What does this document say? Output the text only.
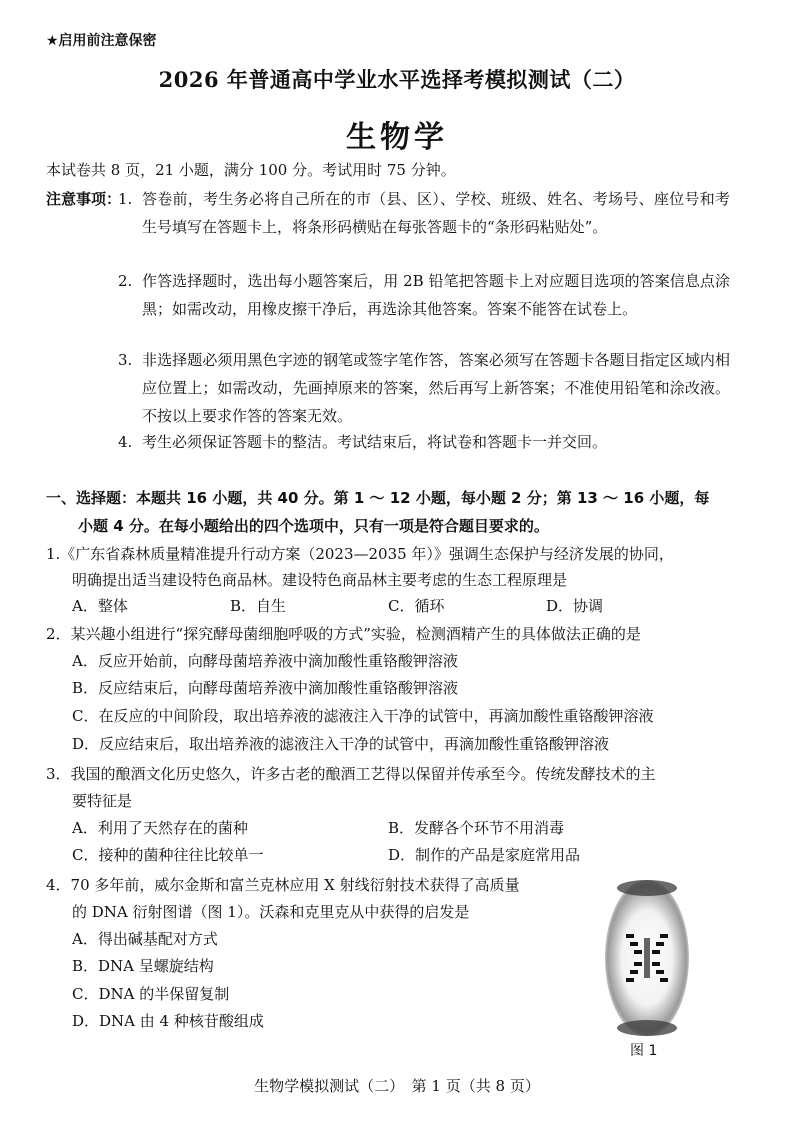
★启用前注意保密
2026 年普通高中学业水平选择考模拟测试（二）
生物学
本试卷共 8 页，21 小题，满分 100 分。考试用时 75 分钟。
注意事项：
1. 答卷前，考生务必将自己所在的市（县、区）、学校、班级、姓名、考场号、座位号和考生号填写在答题卡上，将条形码横贴在每张答题卡的“条形码粘贴处”。
2. 作答选择题时，选出每小题答案后，用 2B 铅笔把答题卡上对应题目选项的答案信息点涂黑；如需改动，用橡皮擦干净后，再选涂其他答案。答案不能答在试卷上。
3. 非选择题必须用黑色字迹的钢笔或签字笔作答，答案必须写在答题卡各题目指定区域内相应位置上；如需改动，先画掉原来的答案，然后再写上新答案；不准使用铅笔和涂改液。不按以上要求作答的答案无效。
4. 考生必须保证答题卡的整洁。考试结束后，将试卷和答题卡一并交回。
一、选择题：本题共 16 小题，共 40 分。第 1 ～ 12 小题，每小题 2 分；第 13 ～ 16 小题，每
小题 4 分。在每小题给出的四个选项中，只有一项是符合题目要求的。
1.《广东省森林质量精准提升行动方案（2023—2035 年）》强调生态保护与经济发展的协同，
明确提出适当建设特色商品林。建设特色商品林主要考虑的生态工程原理是
A．整体	B．自生	C．循环	D．协调
2．某兴趣小组进行“探究酵母菌细胞呼吸的方式”实验，检测酒精产生的具体做法正确的是
A．反应开始前，向酵母菌培养液中滴加酸性重铬酸钾溶液
B．反应结束后，向酵母菌培养液中滴加酸性重铬酸钾溶液
C．在反应的中间阶段，取出培养液的滤液注入干净的试管中，再滴加酸性重铬酸钾溶液
D．反应结束后，取出培养液的滤液注入干净的试管中，再滴加酸性重铬酸钾溶液
3．我国的酿酒文化历史悠久，许多古老的酿酒工艺得以保留并传承至今。传统发酵技术的主
要特征是
A．利用了天然存在的菌种	B．发酵各个环节不用消毒
C．接种的菌种往往比较单一	D．制作的产品是家庭常用品
4．70 多年前，威尔金斯和富兰克林应用 X 射线衍射技术获得了高质量
的 DNA 衍射图谱（图 1）。沃森和克里克从中获得的启发是
A．得出碱基配对方式
B．DNA 呈螺旋结构
C．DNA 的半保留复制
D．DNA 由 4 种核苷酸组成
图 1
生物学模拟测试（二）　第 1 页（共 8 页）
